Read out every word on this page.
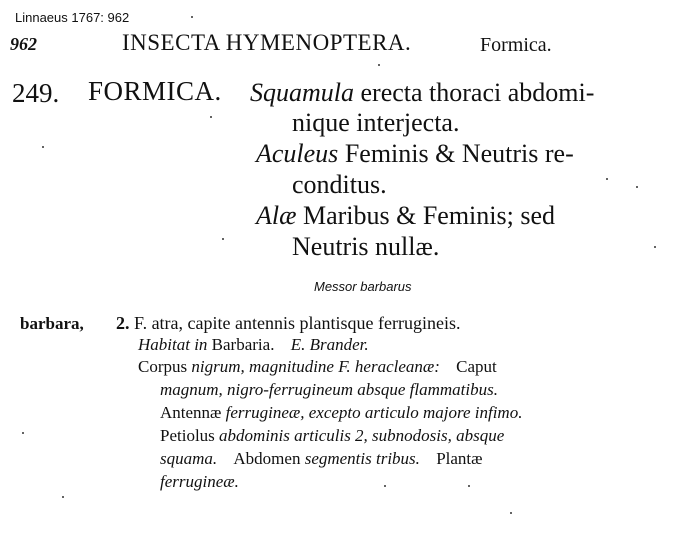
Linnaeus 1767: 962
962	INSECTA HYMENOPTERA.	Formica.
249. FORMICA. Squamula erecta thoraci abdomi-
nique interjecta.
Aculeus Feminis & Neutris re-
conditus.
Alæ Maribus & Feminis; sed
Neutris nullæ.
Messor barbarus
barbara, 2. F. atra, capite antennis plantisque ferrugineis.
Habitat in Barbaria. E. Brander.
Corpus nigrum, magnitudine F. heracleanæ: Caput
magnum, nigro-ferrugineum absque flammatibus.
Antennæ ferrugineæ, excepto articulo majore infimo.
Petiolus abdominis articulis 2, subnodosis, absque
squama. Abdomen segmentis tribus. Plantæ
ferrugineæ.
